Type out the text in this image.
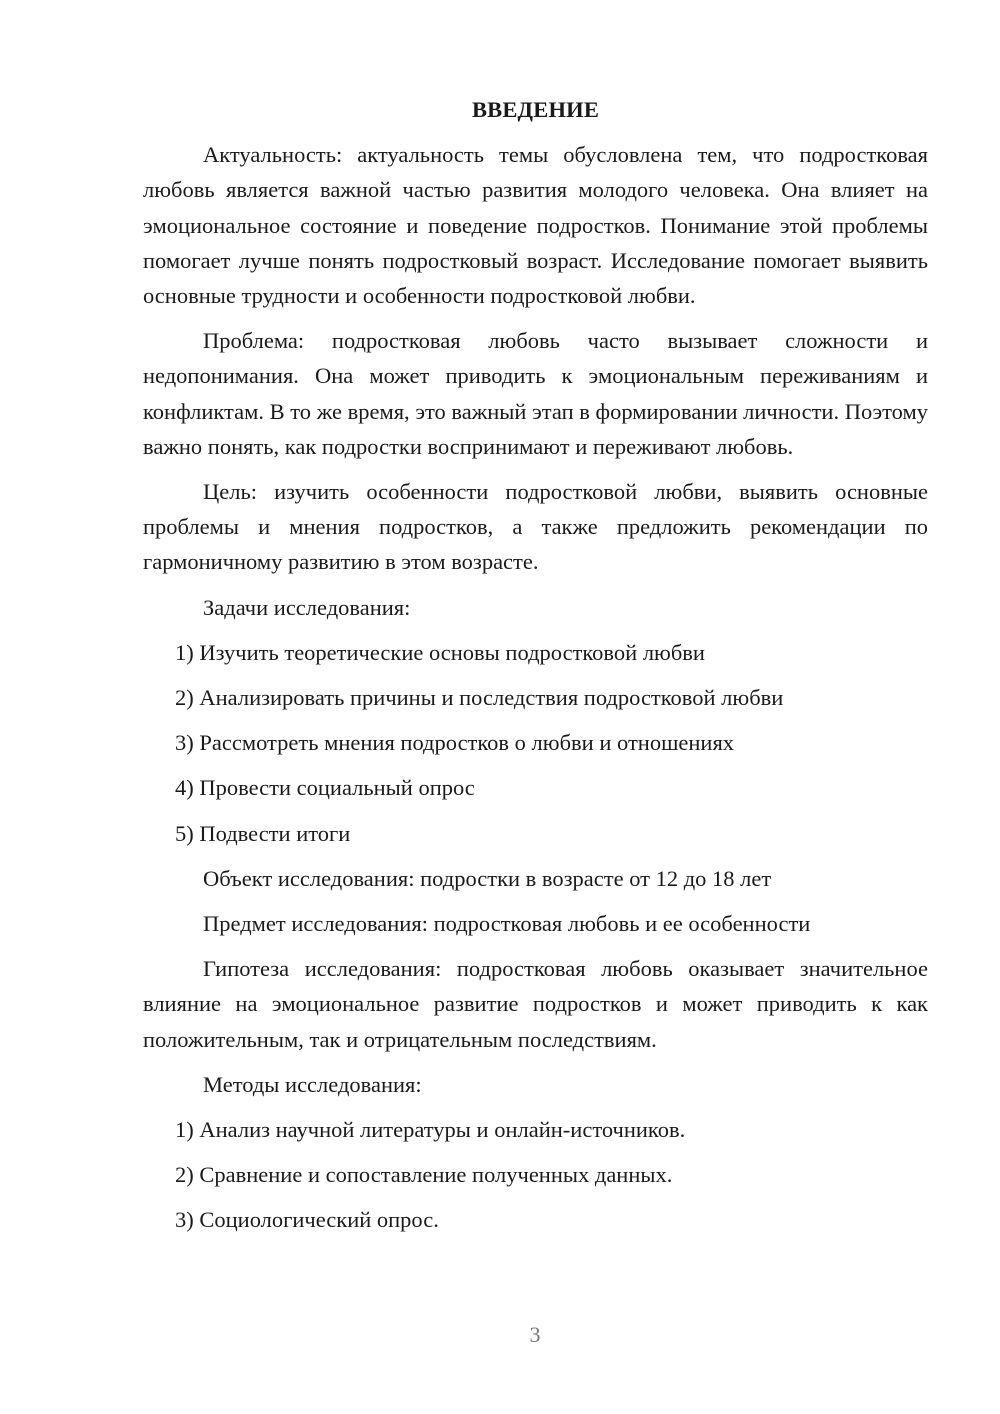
ВВЕДЕНИЕ
Актуальность: актуальность темы обусловлена тем, что подростковая любовь является важной частью развития молодого человека. Она влияет на эмоциональное состояние и поведение подростков. Понимание этой проблемы помогает лучше понять подростковый возраст. Исследование помогает выявить основные трудности и особенности подростковой любви.
Проблема: подростковая любовь часто вызывает сложности и недопонимания. Она может приводить к эмоциональным переживаниям и конфликтам. В то же время, это важный этап в формировании личности. Поэтому важно понять, как подростки воспринимают и переживают любовь.
Цель: изучить особенности подростковой любви, выявить основные проблемы и мнения подростков, а также предложить рекомендации по гармоничному развитию в этом возрасте.
Задачи исследования:
1) Изучить теоретические основы подростковой любви
2) Анализировать причины и последствия подростковой любви
3) Рассмотреть мнения подростков о любви и отношениях
4) Провести социальный опрос
5) Подвести итоги
Объект исследования: подростки в возрасте от 12 до 18 лет
Предмет исследования: подростковая любовь и ее особенности
Гипотеза исследования: подростковая любовь оказывает значительное влияние на эмоциональное развитие подростков и может приводить к как положительным, так и отрицательным последствиям.
Методы исследования:
1) Анализ научной литературы и онлайн-источников.
2) Сравнение и сопоставление полученных данных.
3) Социологический опрос.
3
